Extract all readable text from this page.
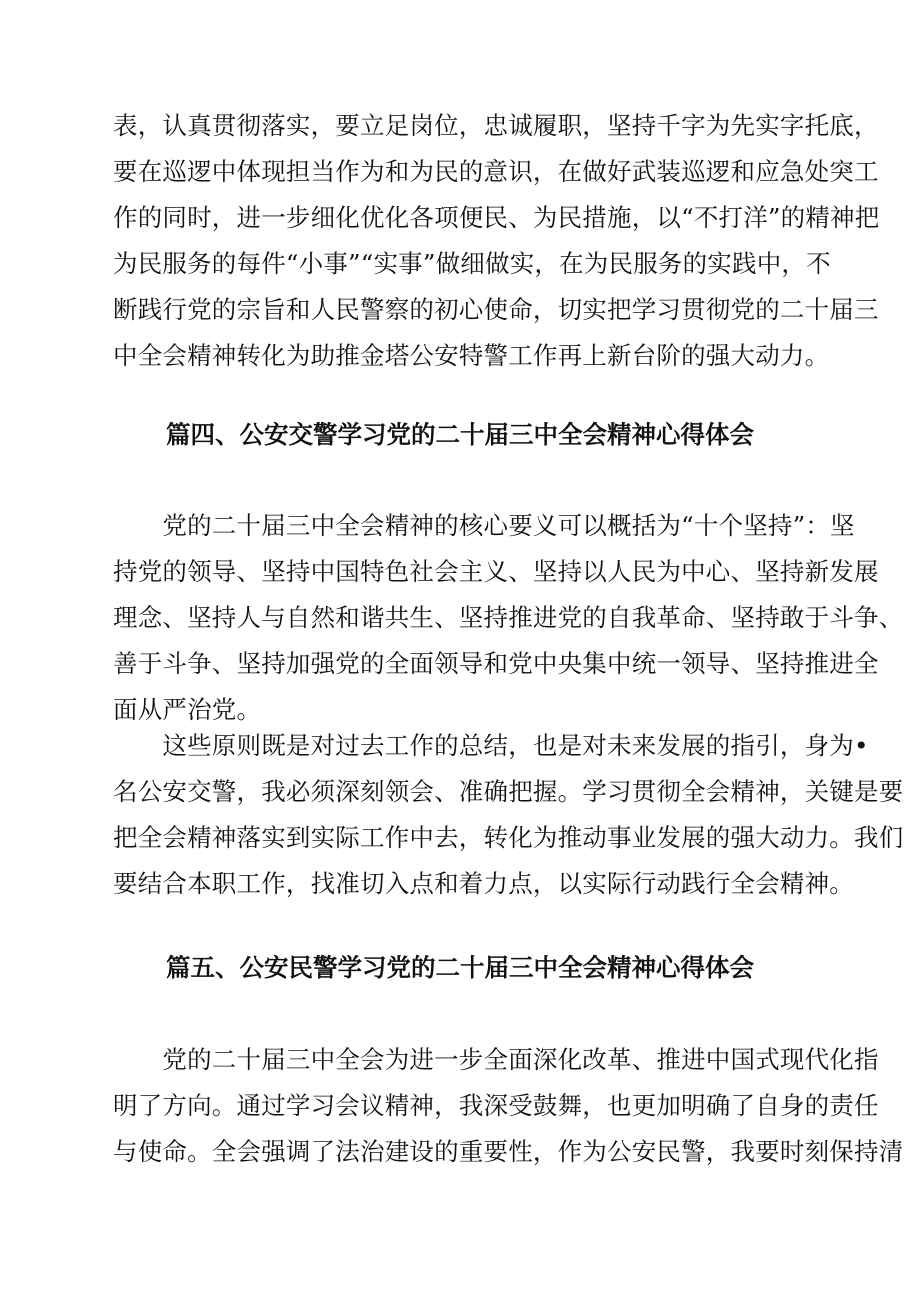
表，认真贯彻落实，要立足岗位，忠诚履职，坚持千字为先实字托底，
要在巡逻中体现担当作为和为民的意识，在做好武装巡逻和应急处突工
作的同时，进一步细化优化各项便民、为民措施，以“不打洋”的精神把
为民服务的每件“小事”“实事”做细做实，在为民服务的实践中，不
断践行党的宗旨和人民警察的初心使命，切实把学习贯彻党的二十届三
中全会精神转化为助推金塔公安特警工作再上新台阶的强大动力。
篇四、公安交警学习党的二十届三中全会精神心得体会
　　党的二十届三中全会精神的核心要义可以概括为“十个坚持”：坚
持党的领导、坚持中国特色社会主义、坚持以人民为中心、坚持新发展
理念、坚持人与自然和谐共生、坚持推进党的自我革命、坚持敢于斗争、
善于斗争、坚持加强党的全面领导和党中央集中统一领导、坚持推进全
面从严治党。
　　这些原则既是对过去工作的总结，也是对未来发展的指引，身为•
名公安交警，我必须深刻领会、准确把握。学习贯彻全会精神，关键是要
把全会精神落实到实际工作中去，转化为推动事业发展的强大动力。我们
要结合本职工作，找准切入点和着力点，以实际行动践行全会精神。
篇五、公安民警学习党的二十届三中全会精神心得体会
　　党的二十届三中全会为进一步全面深化改革、推进中国式现代化指
明了方向。通过学习会议精神，我深受鼓舞，也更加明确了自身的责任
与使命。全会强调了法治建设的重要性，作为公安民警，我要时刻保持清
